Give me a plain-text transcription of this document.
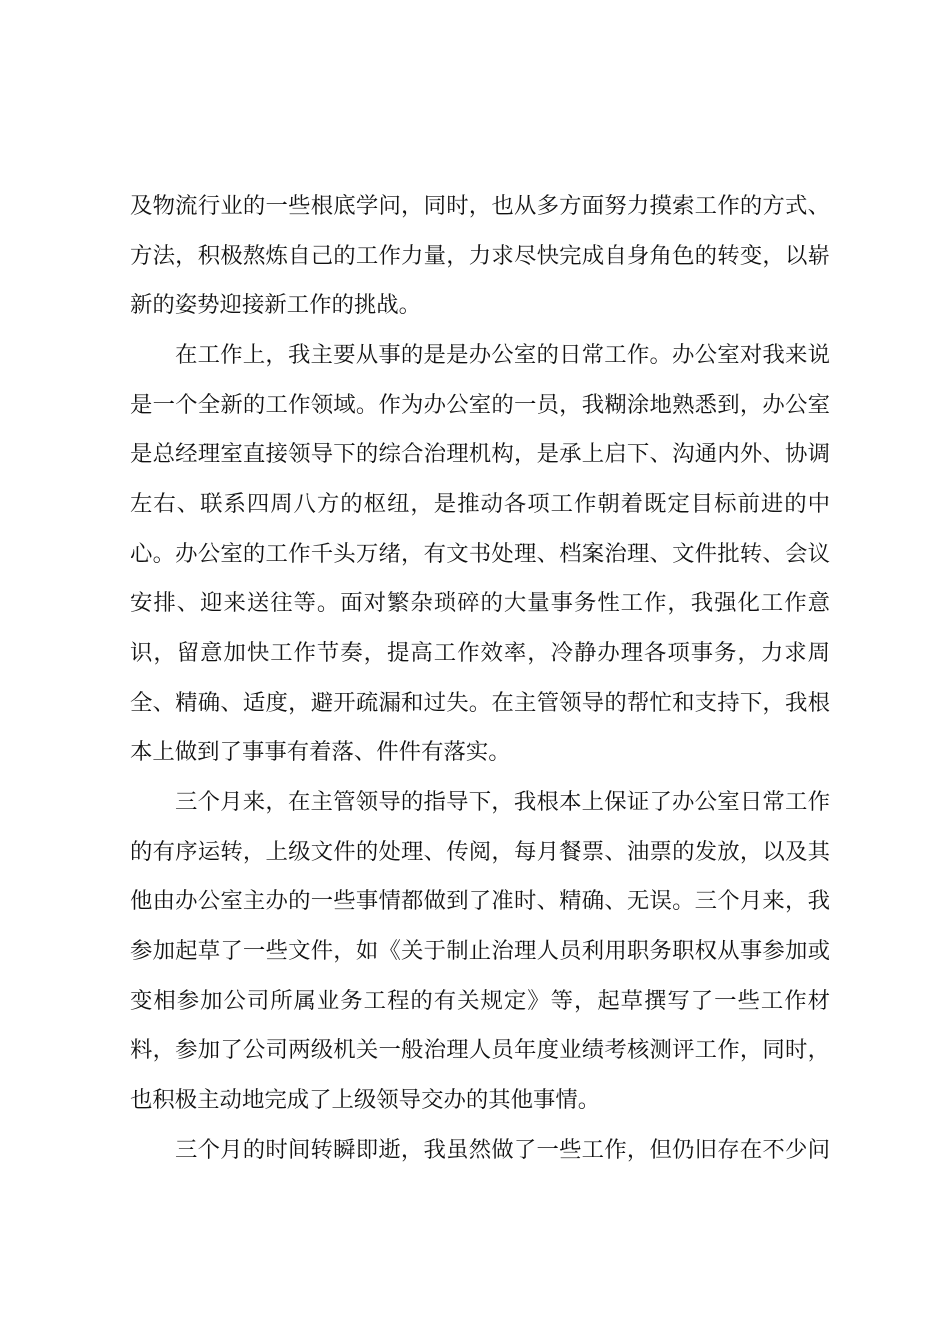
及物流行业的一些根底学问，同时，也从多方面努力摸索工作的方式、
方法，积极熬炼自己的工作力量，力求尽快完成自身角色的转变，以崭
新的姿势迎接新工作的挑战。
在工作上，我主要从事的是是办公室的日常工作。办公室对我来说
是一个全新的工作领域。作为办公室的一员，我糊涂地熟悉到，办公室
是总经理室直接领导下的综合治理机构，是承上启下、沟通内外、协调
左右、联系四周八方的枢纽，是推动各项工作朝着既定目标前进的中
心。办公室的工作千头万绪，有文书处理、档案治理、文件批转、会议
安排、迎来送往等。面对繁杂琐碎的大量事务性工作，我强化工作意
识，留意加快工作节奏，提高工作效率，冷静办理各项事务，力求周
全、精确、适度，避开疏漏和过失。在主管领导的帮忙和支持下，我根
本上做到了事事有着落、件件有落实。
三个月来，在主管领导的指导下，我根本上保证了办公室日常工作
的有序运转，上级文件的处理、传阅，每月餐票、油票的发放，以及其
他由办公室主办的一些事情都做到了准时、精确、无误。三个月来，我
参加起草了一些文件，如《关于制止治理人员利用职务职权从事参加或
变相参加公司所属业务工程的有关规定》等，起草撰写了一些工作材
料，参加了公司两级机关一般治理人员年度业绩考核测评工作，同时，
也积极主动地完成了上级领导交办的其他事情。
三个月的时间转瞬即逝，我虽然做了一些工作，但仍旧存在不少问
